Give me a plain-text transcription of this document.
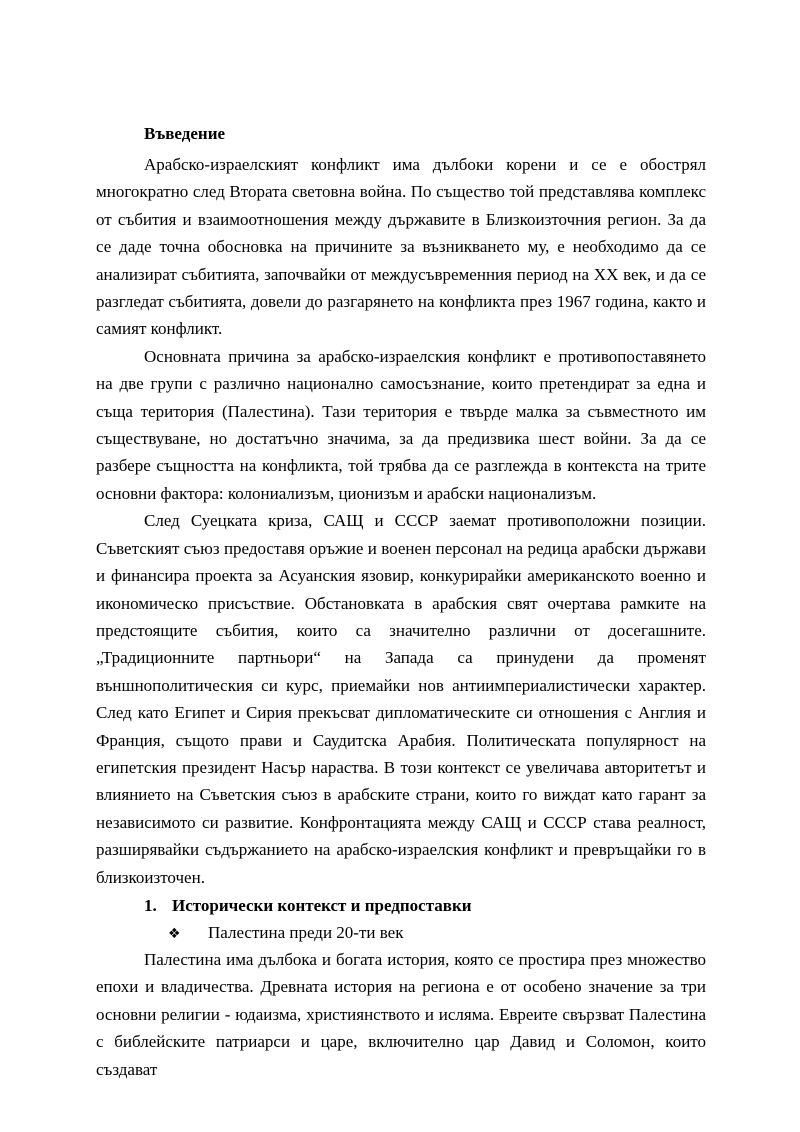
Въведение

Арабско-израелският конфликт има дълбоки корени и се е обострял многократно след Втората световна война. По същество той представлява комплекс от събития и взаимоотношения между държавите в Близкоизточния регион. За да се даде точна обосновка на причините за възникването му, е необходимо да се анализират събитията, започвайки от междусъвременния период на XX век, и да се разгледат събитията, довели до разгарянето на конфликта през 1967 година, както и самият конфликт.

Основната причина за арабско-израелския конфликт е противопоставянето на две групи с различно национално самосъзнание, които претендират за една и съща територия (Палестина). Тази територия е твърде малка за съвместното им съществуване, но достатъчно значима, за да предизвика шест войни. За да се разбере същността на конфликта, той трябва да се разглежда в контекста на трите основни фактора: колониализъм, ционизъм и арабски национализъм.

След Суецката криза, САЩ и СССР заемат противоположни позиции. Съветският съюз предоставя оръжие и военен персонал на редица арабски държави и финансира проекта за Асуанския язовир, конкурирайки американското военно и икономическо присъствие. Обстановката в арабския свят очертава рамките на предстоящите събития, които са значително различни от досегашните. „Традиционните партньори“ на Запада са принудени да променят външнополитическия си курс, приемайки нов антиимпериалистически характер. След като Египет и Сирия прекъсват дипломатическите си отношения с Англия и Франция, същото прави и Саудитска Арабия. Политическата популярност на египетския президент Насър нараства. В този контекст се увеличава авторитетът и влиянието на Съветския съюз в арабските страни, които го виждат като гарант за независимото си развитие. Конфронтацията между САЩ и СССР става реалност, разширявайки съдържанието на арабско-израелския конфликт и превръщайки го в близкоизточен.

1. Исторически контекст и предпоставки
❖ Палестина преди 20-ти век

Палестина има дълбока и богата история, която се простира през множество епохи и владичества. Древната история на региона е от особено значение за три основни религии - юдаизма, християнството и исляма. Евреите свързват Палестина с библейските патриарси и царе, включително цар Давид и Соломон, които създават
